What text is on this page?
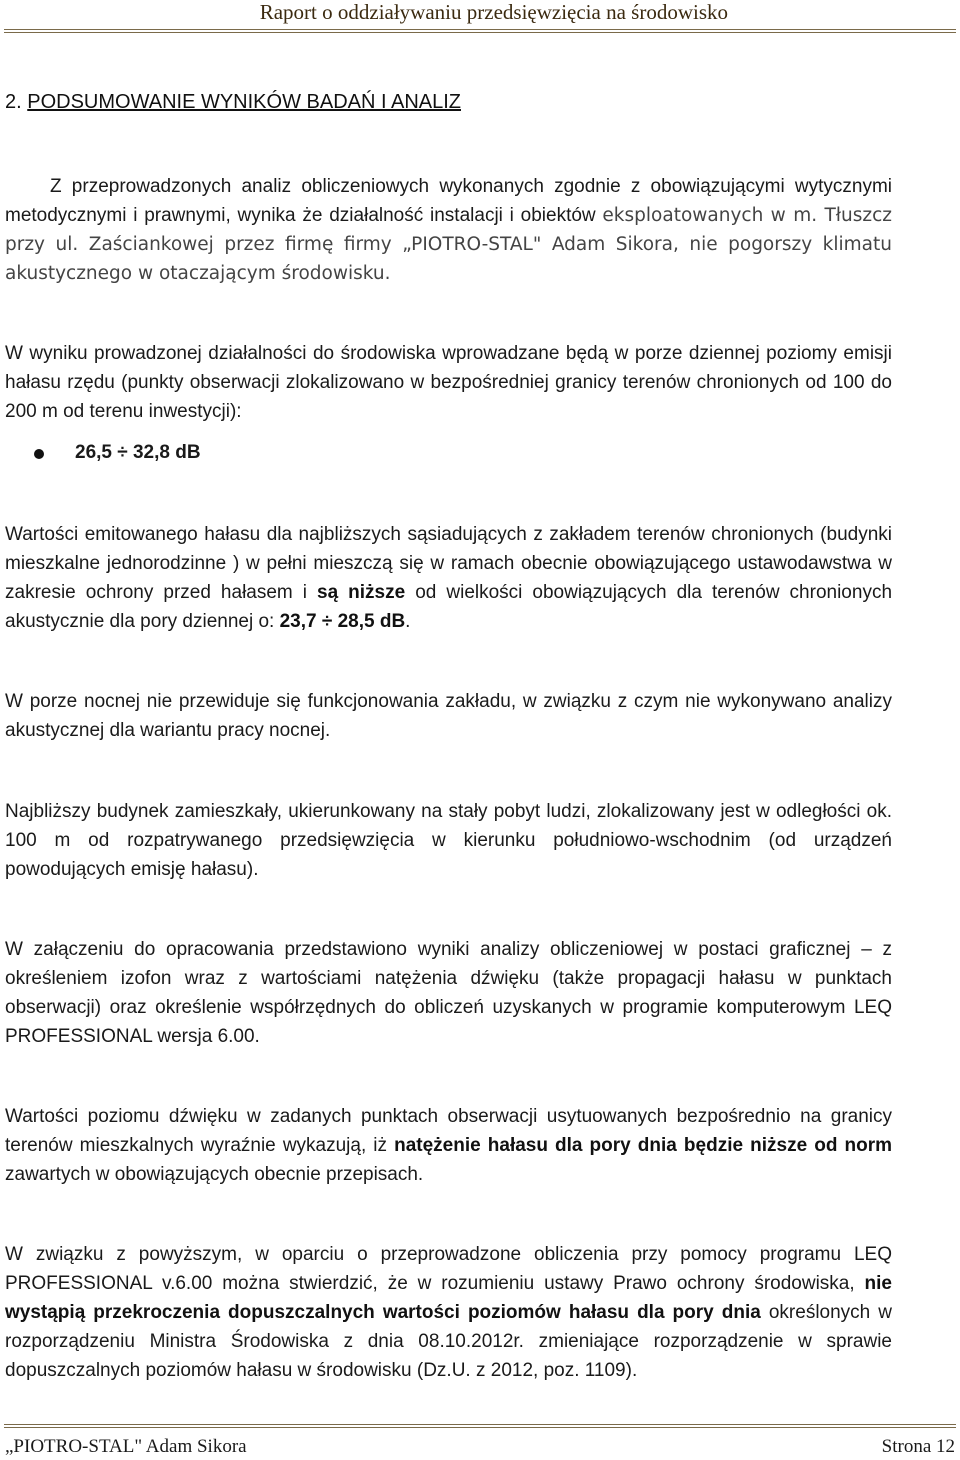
Raport o oddziaływaniu przedsięwzięcia na środowisko
2. PODSUMOWANIE WYNIKÓW BADAŃ I ANALIZ

Z przeprowadzonych analiz obliczeniowych wykonanych zgodnie z obowiązującymi wytycznymi metodycznymi i prawnymi, wynika że działalność instalacji i obiektów eksploatowanych w m. Tłuszcz przy ul. Zaściankowej przez firmę firmy „PIOTRO-STAL" Adam Sikora, nie pogorszy klimatu akustycznego w otaczającym środowisku.

W wyniku prowadzonej działalności do środowiska wprowadzane będą w porze dziennej poziomy emisji hałasu rzędu (punkty obserwacji zlokalizowano w bezpośredniej granicy terenów chronionych od 100 do 200 m od terenu inwestycji):

26,5 ÷ 32,8 dB

Wartości emitowanego hałasu dla najbliższych sąsiadujących z zakładem terenów chronionych (budynki mieszkalne jednorodzinne ) w pełni mieszczą się w ramach obecnie obowiązującego ustawodawstwa w zakresie ochrony przed hałasem i są niższe od wielkości obowiązujących dla terenów chronionych akustycznie dla pory dziennej o: 23,7 ÷ 28,5 dB.

W porze nocnej nie przewiduje się funkcjonowania zakładu, w związku z czym nie wykonywano analizy akustycznej dla wariantu pracy nocnej.

Najbliższy budynek zamieszkały, ukierunkowany na stały pobyt ludzi, zlokalizowany jest w odległości ok. 100 m od rozpatrywanego przedsięwzięcia w kierunku południowo-wschodnim (od urządzeń powodujących emisję hałasu).

W załączeniu do opracowania przedstawiono wyniki analizy obliczeniowej w postaci graficznej – z określeniem izofon wraz z wartościami natężenia dźwięku (także propagacji hałasu w punktach obserwacji) oraz określenie współrzędnych do obliczeń uzyskanych w programie komputerowym LEQ PROFESSIONAL wersja 6.00.

Wartości poziomu dźwięku w zadanych punktach obserwacji usytuowanych bezpośrednio na granicy terenów mieszkalnych wyraźnie wykazują, iż natężenie hałasu dla pory dnia będzie niższe od norm zawartych w obowiązujących obecnie przepisach.

W związku z powyższym, w oparciu o przeprowadzone obliczenia przy pomocy programu LEQ PROFESSIONAL v.6.00 można stwierdzić, że w rozumieniu ustawy Prawo ochrony środowiska, nie wystąpią przekroczenia dopuszczalnych wartości poziomów hałasu dla pory dnia określonych w rozporządzeniu Ministra Środowiska z dnia 08.10.2012r. zmieniające rozporządzenie w sprawie dopuszczalnych poziomów hałasu w środowisku (Dz.U. z 2012, poz. 1109).

„PIOTRO-STAL" Adam Sikora	Strona 12
